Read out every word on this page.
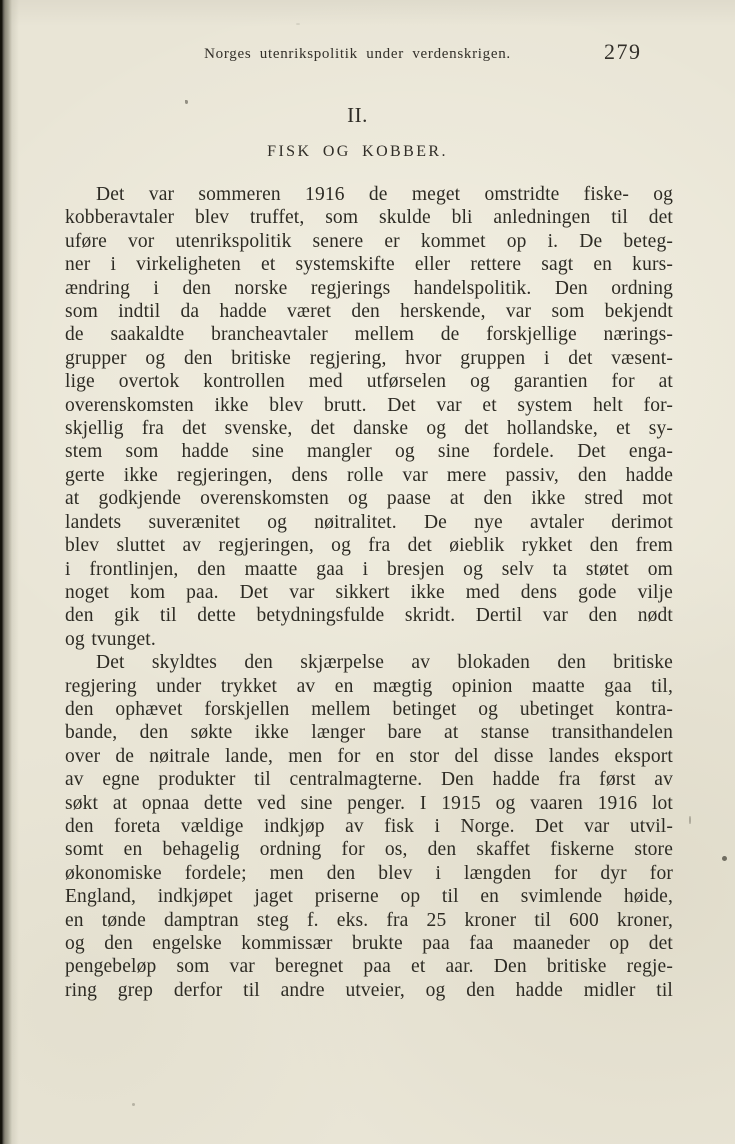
Norges utenrikspolitik under verdenskrigen.	279
II.
FISK OG KOBBER.
Det var sommeren 1916 de meget omstridte fiske- og
kobberavtaler blev truffet, som skulde bli anledningen til det
uføre vor utenrikspolitik senere er kommet op i. De beteg-
ner i virkeligheten et systemskifte eller rettere sagt en kurs-
ændring i den norske regjerings handelspolitik. Den ordning
som indtil da hadde været den herskende, var som bekjendt
de saakaldte brancheavtaler mellem de forskjellige nærings-
grupper og den britiske regjering, hvor gruppen i det væsent-
lige overtok kontrollen med utførselen og garantien for at
overenskomsten ikke blev brutt. Det var et system helt for-
skjellig fra det svenske, det danske og det hollandske, et sy-
stem som hadde sine mangler og sine fordele. Det enga-
gerte ikke regjeringen, dens rolle var mere passiv, den hadde
at godkjende overenskomsten og paase at den ikke stred mot
landets suverænitet og nøitralitet. De nye avtaler derimot
blev sluttet av regjeringen, og fra det øieblik rykket den frem
i frontlinjen, den maatte gaa i bresjen og selv ta støtet om
noget kom paa. Det var sikkert ikke med dens gode vilje
den gik til dette betydningsfulde skridt. Dertil var den nødt
og tvunget.
Det skyldtes den skjærpelse av blokaden den britiske
regjering under trykket av en mægtig opinion maatte gaa til,
den ophævet forskjellen mellem betinget og ubetinget kontra-
bande, den søkte ikke længer bare at stanse transithandelen
over de nøitrale lande, men for en stor del disse landes eksport
av egne produkter til centralmagterne. Den hadde fra først av
søkt at opnaa dette ved sine penger. I 1915 og vaaren 1916 lot
den foreta vældige indkjøp av fisk i Norge. Det var utvil-
somt en behagelig ordning for os, den skaffet fiskerne store
økonomiske fordele; men den blev i længden for dyr for
England, indkjøpet jaget priserne op til en svimlende høide,
en tønde damptran steg f. eks. fra 25 kroner til 600 kroner,
og den engelske kommissær brukte paa faa maaneder op det
pengebeløp som var beregnet paa et aar. Den britiske regje-
ring grep derfor til andre utveier, og den hadde midler til
